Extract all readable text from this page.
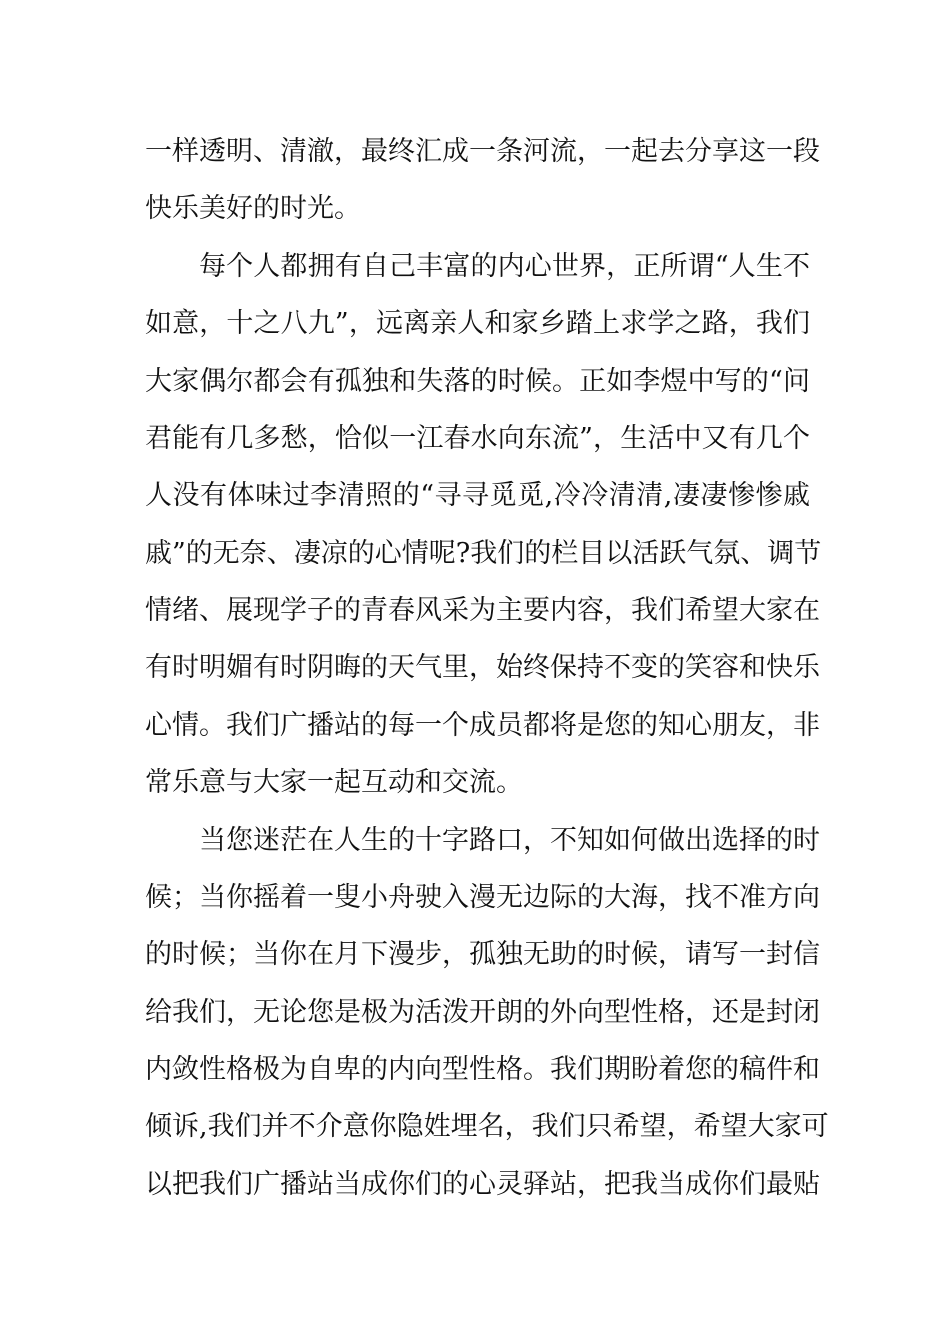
一样透明、清澈，最终汇成一条河流，一起去分享这一段
快乐美好的时光。
每个人都拥有自己丰富的内心世界，正所谓“人生不
如意，十之八九”，远离亲人和家乡踏上求学之路，我们
大家偶尔都会有孤独和失落的时候。正如李煜中写的“问
君能有几多愁，恰似一江春水向东流”，生活中又有几个
人没有体味过李清照的“寻寻觅觅,冷冷清清,凄凄惨惨戚
戚”的无奈、凄凉的心情呢?我们的栏目以活跃气氛、调节
情绪、展现学子的青春风采为主要内容，我们希望大家在
有时明媚有时阴晦的天气里，始终保持不变的笑容和快乐
心情。我们广播站的每一个成员都将是您的知心朋友，非
常乐意与大家一起互动和交流。
当您迷茫在人生的十字路口，不知如何做出选择的时
候；当你摇着一叟小舟驶入漫无边际的大海，找不准方向
的时候；当你在月下漫步，孤独无助的时候，请写一封信
给我们，无论您是极为活泼开朗的外向型性格，还是封闭
内敛性格极为自卑的内向型性格。我们期盼着您的稿件和
倾诉,我们并不介意你隐姓埋名，我们只希望，希望大家可
以把我们广播站当成你们的心灵驿站，把我当成你们最贴
